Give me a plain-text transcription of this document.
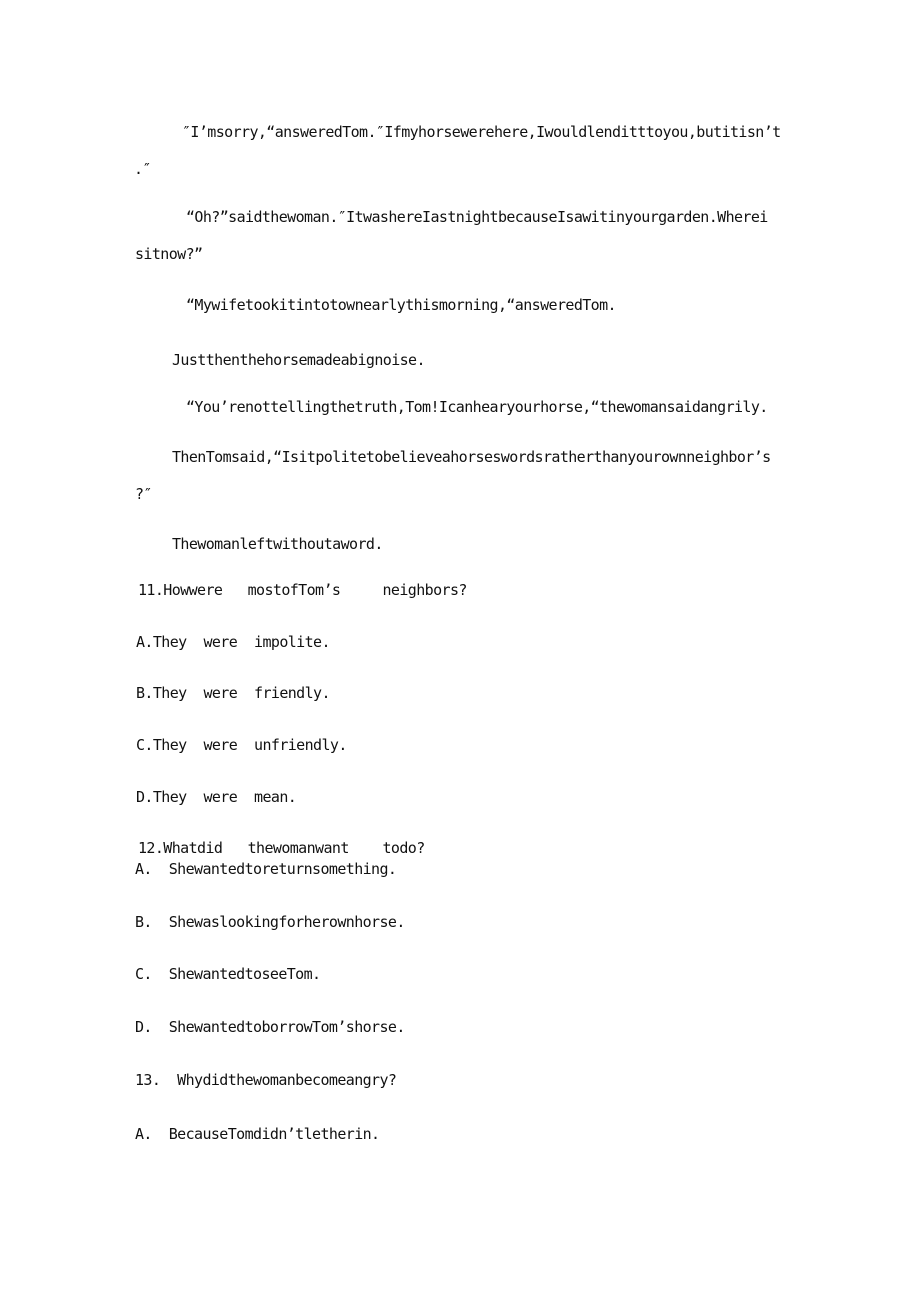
″I’msorry,“answeredTom.″Ifmyhorsewerehere,Iwouldlenditttoyou,butitisn’t
.″
“Oh?”saidthewoman.″ItwashereIastnightbecauseIsawitinyourgarden.Wherei
sitnow?”
“Mywifetookitintotownearlythismorning,“answeredTom.
Justthenthehorsemadeabignoise.
“You’renottellingthetruth,Tom!Icanhearyourhorse,“thewomansaidangrily.
ThenTomsaid,“Isitpolitetobelieveahorseswordsratherthanyourownneighbor’s
?″
Thewomanleftwithoutaword.
11.Howwere   mostofTom’s     neighbors?
A.They  were  impolite.
B.They  were  friendly.
C.They  were  unfriendly.
D.They  were  mean.
12.Whatdid   thewomanwant    todo?
A.  Shewantedtoreturnsomething.
B.  Shewaslookingforherownhorse.
C.  ShewantedtoseeTom.
D.  ShewantedtoborrowTom’shorse.
13.  Whydidthewomanbecomeangry?
A.  BecauseTomdidn’tletherin.
